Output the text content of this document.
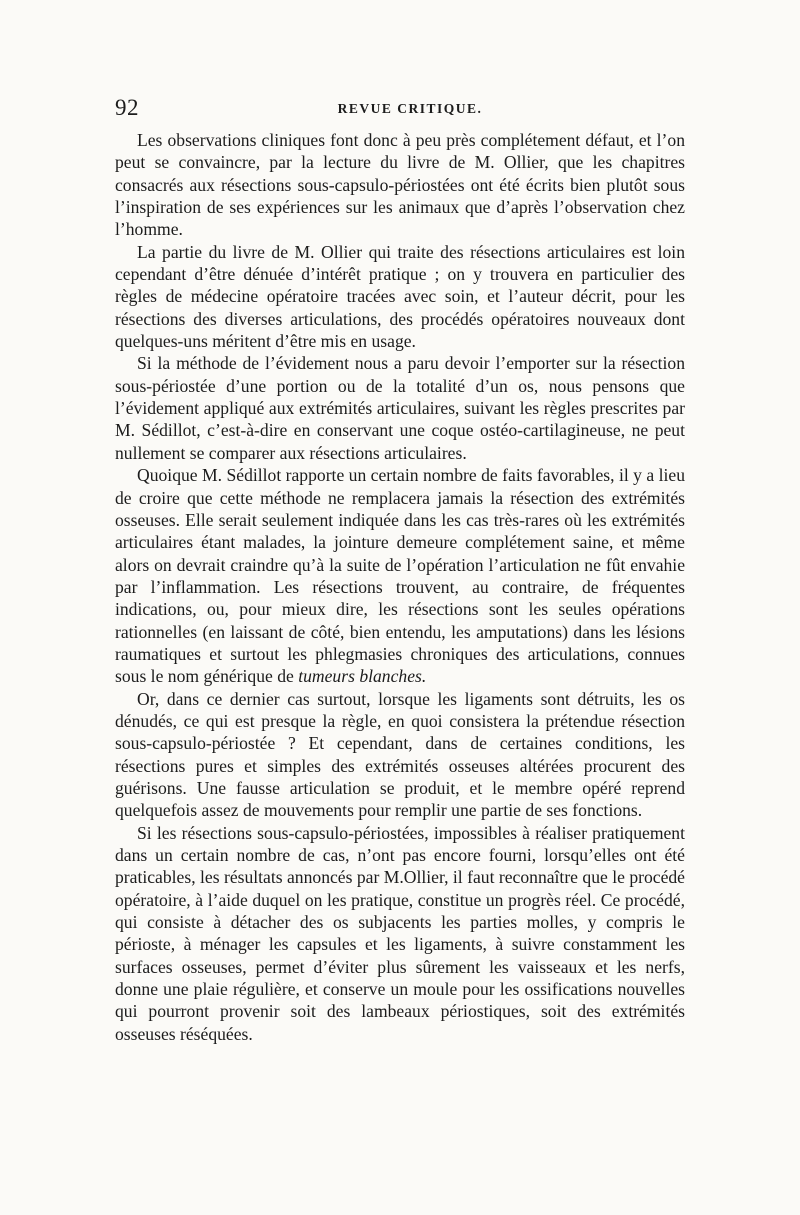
92	REVUE CRITIQUE.

Les observations cliniques font donc à peu près complétement défaut, et l’on peut se convaincre, par la lecture du livre de M. Ollier, que les chapitres consacrés aux résections sous-capsulo-périostées ont été écrits bien plutôt sous l’inspiration de ses expériences sur les animaux que d’après l’observation chez l’homme.

La partie du livre de M. Ollier qui traite des résections articulaires est loin cependant d’être dénuée d’intérêt pratique ; on y trouvera en particulier des règles de médecine opératoire tracées avec soin, et l’auteur décrit, pour les résections des diverses articulations, des procédés opératoires nouveaux dont quelques-uns méritent d’être mis en usage.

Si la méthode de l’évidement nous a paru devoir l’emporter sur la résection sous-périostée d’une portion ou de la totalité d’un os, nous pensons que l’évidement appliqué aux extrémités articulaires, suivant les règles prescrites par M. Sédillot, c’est-à-dire en conservant une coque ostéo-cartilagineuse, ne peut nullement se comparer aux résections articulaires.

Quoique M. Sédillot rapporte un certain nombre de faits favorables, il y a lieu de croire que cette méthode ne remplacera jamais la résection des extrémités osseuses. Elle serait seulement indiquée dans les cas très-rares où les extrémités articulaires étant malades, la jointure demeure complétement saine, et même alors on devrait craindre qu’à la suite de l’opération l’articulation ne fût envahie par l’inflammation. Les résections trouvent, au contraire, de fréquentes indications, ou, pour mieux dire, les résections sont les seules opérations rationnelles (en laissant de côté, bien entendu, les amputations) dans les lésions raumatiques et surtout les phlegmasies chroniques des articulations, connues sous le nom générique de tumeurs blanches.

Or, dans ce dernier cas surtout, lorsque les ligaments sont détruits, les os dénudés, ce qui est presque la règle, en quoi consistera la prétendue résection sous-capsulo-périostée ? Et cependant, dans de certaines conditions, les résections pures et simples des extrémités osseuses altérées procurent des guérisons. Une fausse articulation se produit, et le membre opéré reprend quelquefois assez de mouvements pour remplir une partie de ses fonctions.

Si les résections sous-capsulo-périostées, impossibles à réaliser pratiquement dans un certain nombre de cas, n’ont pas encore fourni, lorsqu’elles ont été praticables, les résultats annoncés par M.Ollier, il faut reconnaître que le procédé opératoire, à l’aide duquel on les pratique, constitue un progrès réel. Ce procédé, qui consiste à détacher des os subjacents les parties molles, y compris le périoste, à ménager les capsules et les ligaments, à suivre constamment les surfaces osseuses, permet d’éviter plus sûrement les vaisseaux et les nerfs, donne une plaie régulière, et conserve un moule pour les ossifications nouvelles qui pourront provenir soit des lambeaux périostiques, soit des extrémités osseuses réséquées.
